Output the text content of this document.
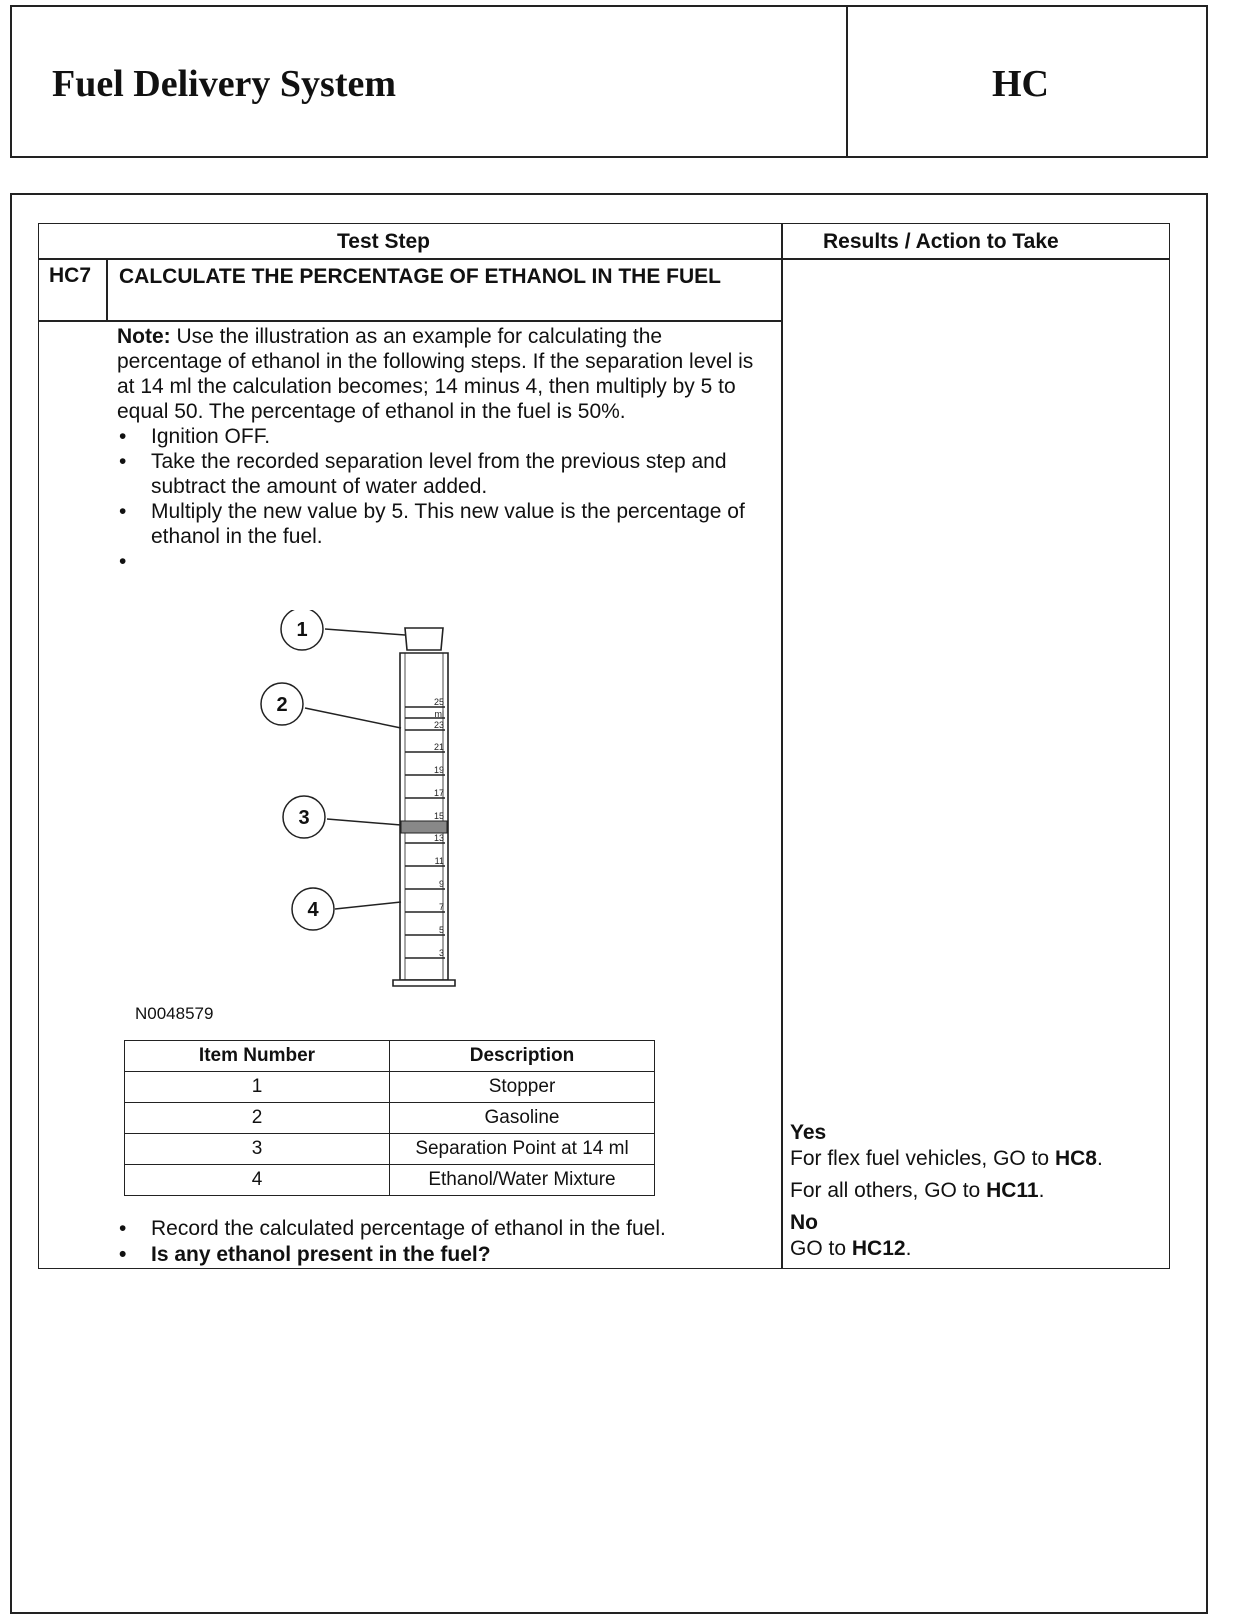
Fuel Delivery System	HC
Test Step	Results / Action to Take
HC7 CALCULATE THE PERCENTAGE OF ETHANOL IN THE FUEL

Note: Use the illustration as an example for calculating the percentage of ethanol in the following steps. If the separation level is at 14 ml the calculation becomes; 14 minus 4, then multiply by 5 to equal 50. The percentage of ethanol in the fuel is 50%.

• Ignition OFF.
• Take the recorded separation level from the previous step and subtract the amount of water added.
• Multiply the new value by 5. This new value is the percentage of ethanol in the fuel.
•
25
ml
23
21
19
17
15
13
11
9
7
5
3
1
2
3
4
N0048579
Item Number	Description
1	Stopper
2	Gasoline
3	Separation Point at 14 ml
4	Ethanol/Water Mixture
• Record the calculated percentage of ethanol in the fuel.
• Is any ethanol present in the fuel?
Yes
For flex fuel vehicles, GO to HC8.
For all others, GO to HC11.
No
GO to HC12.
